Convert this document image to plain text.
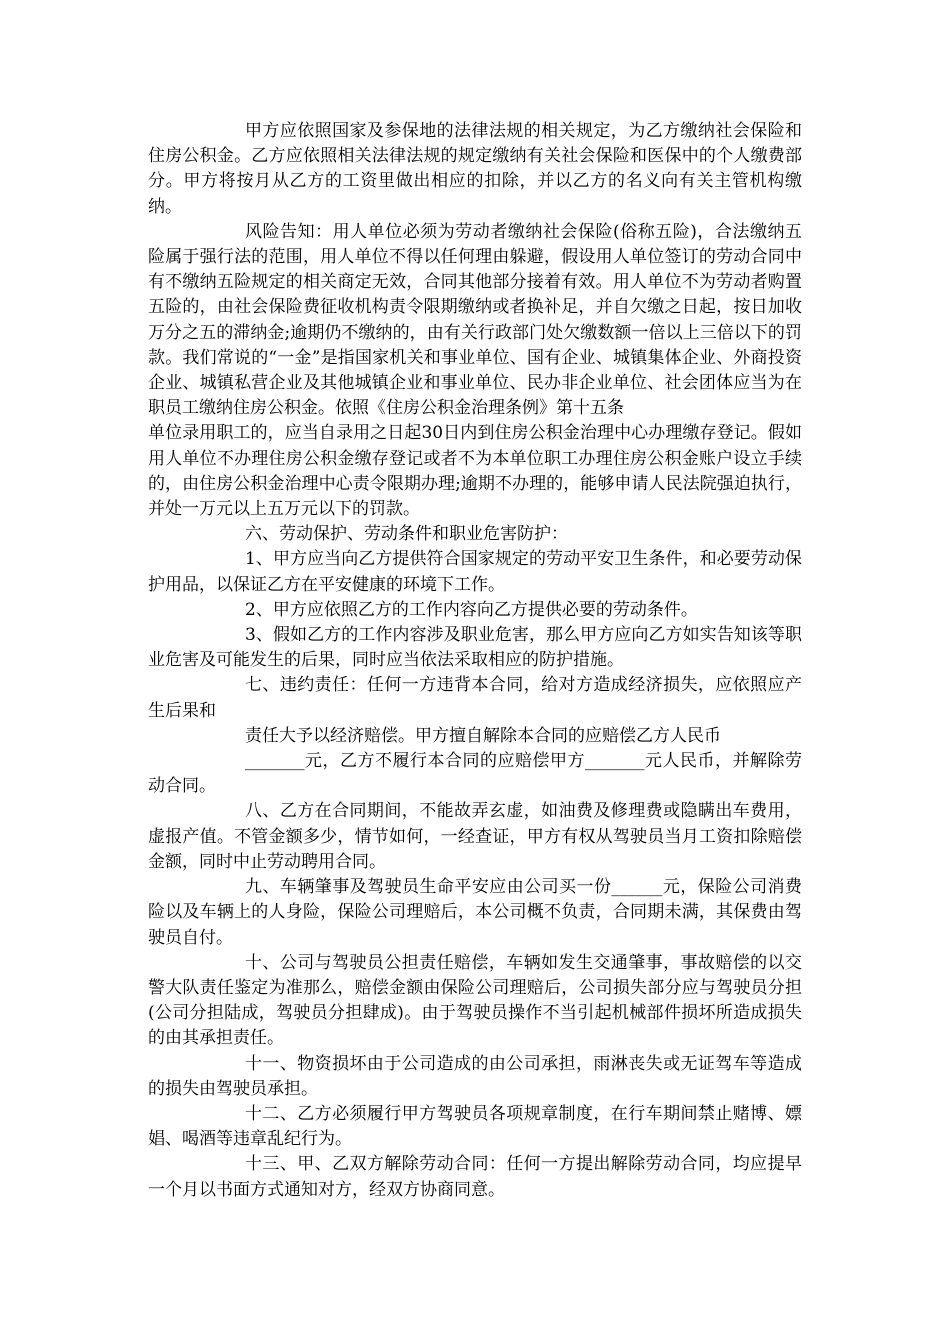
甲方应依照国家及参保地的法律法规的相关规定，为乙方缴纳社会保险和住房公积金。乙方应依照相关法律法规的规定缴纳有关社会保险和医保中的个人缴费部分。甲方将按月从乙方的工资里做出相应的扣除，并以乙方的名义向有关主管机构缴纳。

风险告知：用人单位必须为劳动者缴纳社会保险(俗称五险)，合法缴纳五险属于强行法的范围，用人单位不得以任何理由躲避，假设用人单位签订的劳动合同中有不缴纳五险规定的相关商定无效，合同其他部分接着有效。用人单位不为劳动者购置五险的，由社会保险费征收机构责令限期缴纳或者换补足，并自欠缴之日起，按日加收万分之五的滞纳金;逾期仍不缴纳的，由有关行政部门处欠缴数额一倍以上三倍以下的罚款。我们常说的“一金”是指国家机关和事业单位、国有企业、城镇集体企业、外商投资企业、城镇私营企业及其他城镇企业和事业单位、民办非企业单位、社会团体应当为在职员工缴纳住房公积金。依照《住房公积金治理条例》第十五条

单位录用职工的，应当自录用之日起30日内到住房公积金治理中心办理缴存登记。假如用人单位不办理住房公积金缴存登记或者不为本单位职工办理住房公积金账户设立手续的，由住房公积金治理中心责令限期办理;逾期不办理的，能够申请人民法院强迫执行，并处一万元以上五万元以下的罚款。

六、劳动保护、劳动条件和职业危害防护：

1、甲方应当向乙方提供符合国家规定的劳动平安卫生条件，和必要劳动保护用品，以保证乙方在平安健康的环境下工作。

2、甲方应依照乙方的工作内容向乙方提供必要的劳动条件。

3、假如乙方的工作内容涉及职业危害，那么甲方应向乙方如实告知该等职业危害及可能发生的后果，同时应当依法采取相应的防护措施。

七、违约责任：任何一方违背本合同，给对方造成经济损失，应依照应产生后果和

责任大予以经济赔偿。甲方擅自解除本合同的应赔偿乙方人民币

_______元，乙方不履行本合同的应赔偿甲方_______元人民币，并解除劳动合同。

八、乙方在合同期间，不能故弄玄虚，如油费及修理费或隐瞒出车费用，虚报产值。不管金额多少，情节如何，一经查证，甲方有权从驾驶员当月工资扣除赔偿金额，同时中止劳动聘用合同。

九、车辆肇事及驾驶员生命平安应由公司买一份______元，保险公司消费险以及车辆上的人身险，保险公司理赔后，本公司概不负责，合同期未满，其保费由驾驶员自付。

十、公司与驾驶员公担责任赔偿，车辆如发生交通肇事，事故赔偿的以交警大队责任鉴定为准那么，赔偿金额由保险公司理赔后，公司损失部分应与驾驶员分担(公司分担陆成，驾驶员分担肆成)。由于驾驶员操作不当引起机械部件损坏所造成损失的由其承担责任。

十一、物资损坏由于公司造成的由公司承担，雨淋丧失或无证驾车等造成的损失由驾驶员承担。

十二、乙方必须履行甲方驾驶员各项规章制度，在行车期间禁止赌博、嫖娼、喝酒等违章乱纪行为。

十三、甲、乙双方解除劳动合同：任何一方提出解除劳动合同，均应提早一个月以书面方式通知对方，经双方协商同意。
